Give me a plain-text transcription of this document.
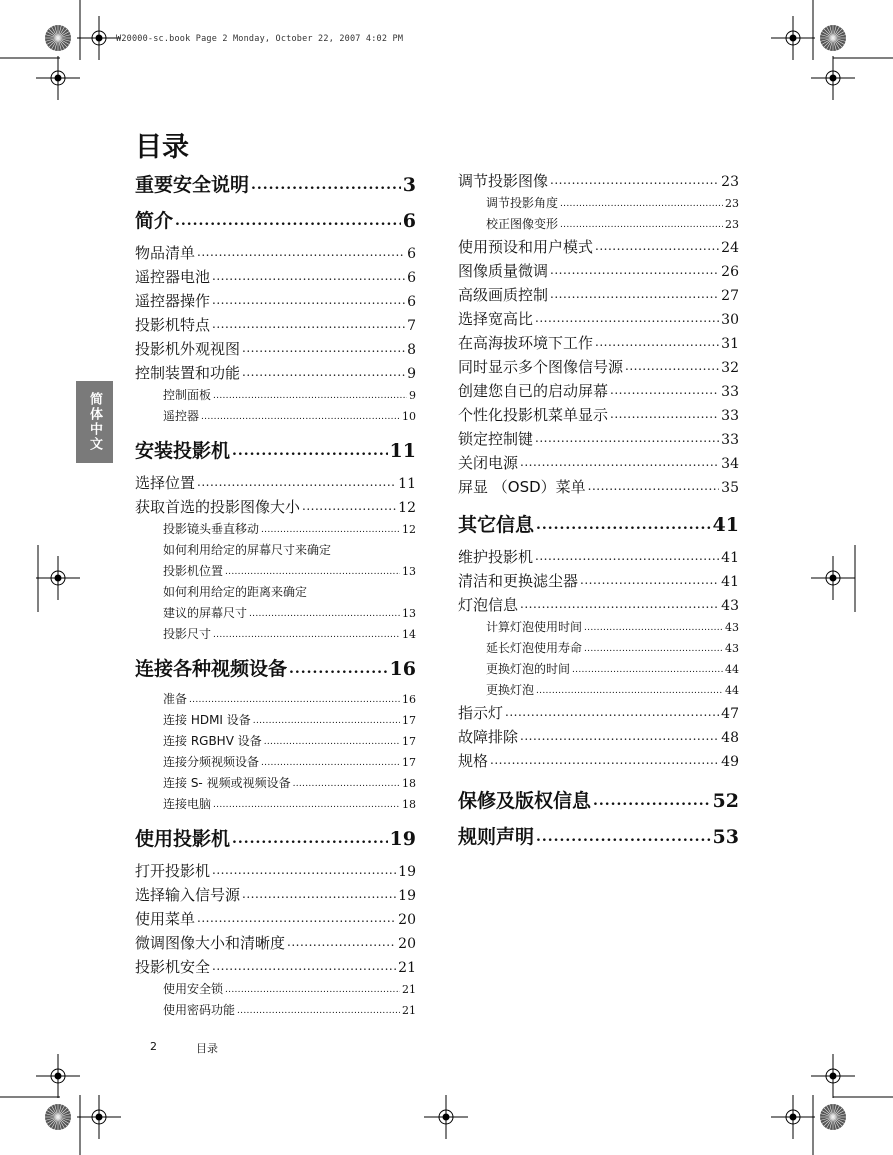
W20000-sc.book Page 2 Monday, October 22, 2007 4:02 PM
目录
简体中文
重要安全说明 .....	3
简介 .....	6
物品清单 .....	6
遥控器电池 .....	6
遥控器操作 .....	6
投影机特点 .....	7
投影机外观视图 .....	8
控制装置和功能 .....	9
控制面板 .....	9
遥控器 .....	10
安装投影机 .....	11
选择位置 .....	11
获取首选的投影图像大小 .....	12
投影镜头垂直移动 .....	12
如何利用给定的屏幕尺寸来确定
投影机位置 .....	13
如何利用给定的距离来确定
建议的屏幕尺寸 .....	13
投影尺寸 .....	14
连接各种视频设备 .....	16
准备 .....	16
连接 HDMI 设备 .....	17
连接 RGBHV 设备 .....	17
连接分频视频设备 .....	17
连接 S- 视频或视频设备 .....	18
连接电脑 .....	18
使用投影机 .....	19
打开投影机 .....	19
选择输入信号源 .....	19
使用菜单 .....	20
微调图像大小和清晰度 .....	20
投影机安全 .....	21
使用安全锁 .....	21
使用密码功能 .....	21
调节投影图像 .....	23
调节投影角度 .....	23
校正图像变形 .....	23
使用预设和用户模式 .....	24
图像质量微调 .....	26
高级画质控制 .....	27
选择宽高比 .....	30
在高海拔环境下工作 .....	31
同时显示多个图像信号源 .....	32
创建您自已的启动屏幕 .....	33
个性化投影机菜单显示 .....	33
锁定控制键 .....	33
关闭电源 .....	34
屏显 （OSD）菜单 .....	35
其它信息 .....	41
维护投影机 .....	41
清洁和更换滤尘器 .....	41
灯泡信息 .....	43
计算灯泡使用时间 .....	43
延长灯泡使用寿命 .....	43
更换灯泡的时间 .....	44
更换灯泡 .....	44
指示灯 .....	47
故障排除 .....	48
规格 .....	49
保修及版权信息 .....	52
规则声明 .....	53
2	目录
